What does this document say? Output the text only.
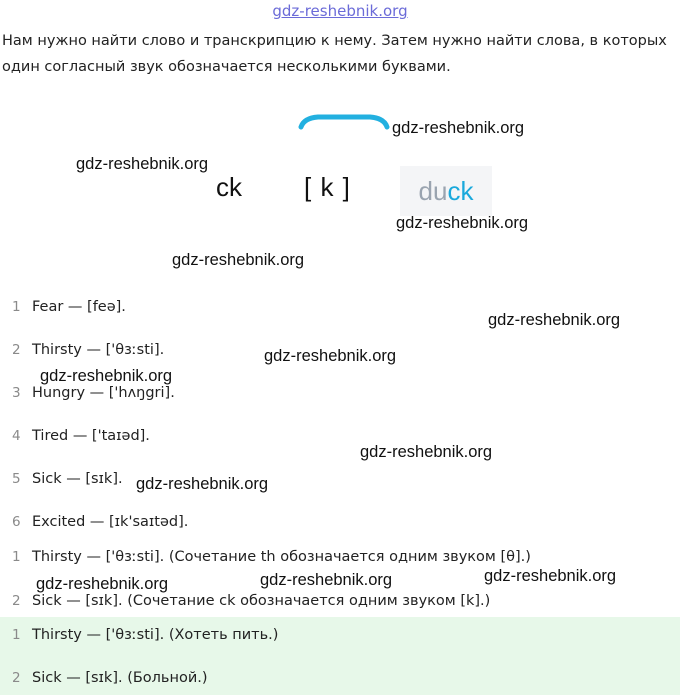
gdz-reshebnik.org
Нам нужно найти слово и транскрипцию к нему. Затем нужно найти слова, в которых один согласный звук обозначается несколькими буквами.
ck [ k ]	duck
1 Fear — [feə].
2 Thirsty — ['θɜːsti].
3 Hungry — ['hʌŋgri].
4 Tired — ['taɪəd].
5 Sick — [sɪk].
6 Excited — [ɪk'saɪtəd].
1 Thirsty — ['θɜːsti]. (Сочетание th обозначается одним звуком [θ].)
2 Sick — [sɪk]. (Сочетание ck обозначается одним звуком [k].)
1 Thirsty — ['θɜːsti]. (Хотеть пить.)
2 Sick — [sɪk]. (Больной.)
gdz-reshebnik.org
gdz-reshebnik.org
gdz-reshebnik.org
gdz-reshebnik.org
gdz-reshebnik.org
gdz-reshebnik.org
gdz-reshebnik.org
gdz-reshebnik.org
gdz-reshebnik.org
gdz-reshebnik.org
gdz-reshebnik.org
gdz-reshebnik.org
